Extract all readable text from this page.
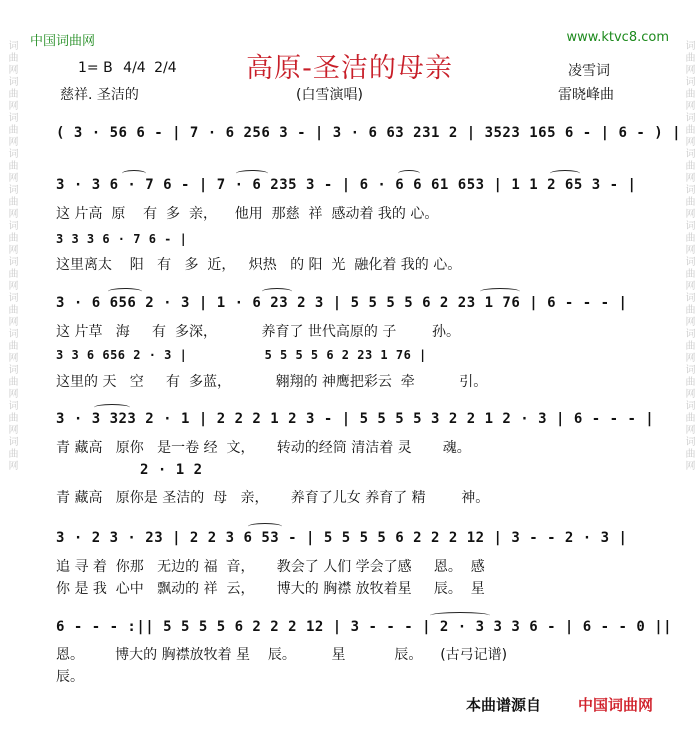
词曲网词曲网词曲网词曲网词曲网词曲网词曲网词曲网词曲网词曲网词曲网词曲网
词曲网词曲网词曲网词曲网词曲网词曲网词曲网词曲网词曲网词曲网词曲网词曲网
中国词曲网	www.ktvc8.com
高原-圣洁的母亲
1= B 4/4 2/4
慈祥. 圣洁的	(白雪演唱)
凌雪词
雷晓峰曲
( 3 · 56 6 - | 7 · 6 256 3 - | 3 · 6 63 231 2 | 3523 165 6 - | 6 - ) |
3 · 3 6 · 7 6 - | 7 · 6 235 3 - | 6 · 6 6 61 653 | 1 1 2 65 3 - |
这 片高  原    有  多  亲，    他用  那慈  祥  感动着 我的 心。
3 3 3 6 · 7 6 - |
这里离太    阳   有   多  近，   炽热   的 阳  光  融化着 我的 心。
3 · 6 656 2 · 3 | 1 · 6 23 2 3 | 5 5 5 5 6 2 23 1 76 | 6 - - - |
这 片草   海     有  多深，          养育了 世代高原的 子        孙。
3 3 6 656 2 · 3 |          5 5 5 5 6 2 23 1 76 |
这里的 天   空     有  多蓝，          翱翔的 神鹰把彩云  牵          引。
3 · 3 323 2 · 1 | 2 2 2 1 2 3 - | 5 5 5 5 3 2 2 1 2 · 3 | 6 - - - |
青 藏高   原你   是一卷 经  文，     转动的经筒 清洁着 灵       魂。
2 · 1 2
青 藏高   原你是 圣洁的  母   亲，     养育了儿女 养育了 精        神。
3 · 2 3 · 23 | 2 2 3 6 53 - | 5 5 5 5 6 2 2 2 12 | 3 - - 2 · 3 |
追 寻 着  你那   无边的 福  音，     教会了 人们 学会了感     恩。  感
你 是 我  心中   飘动的 祥  云，     博大的 胸襟 放牧着星     辰。  星
6 - - - :|| 5 5 5 5 6 2 2 2 12 | 3 - - - | 2 · 3 3 3 6 - | 6 - - 0 ||
恩。       博大的 胸襟放牧着 星    辰。        星           辰。    (古弓记谱)
辰。
本曲谱源自 中国词曲网
